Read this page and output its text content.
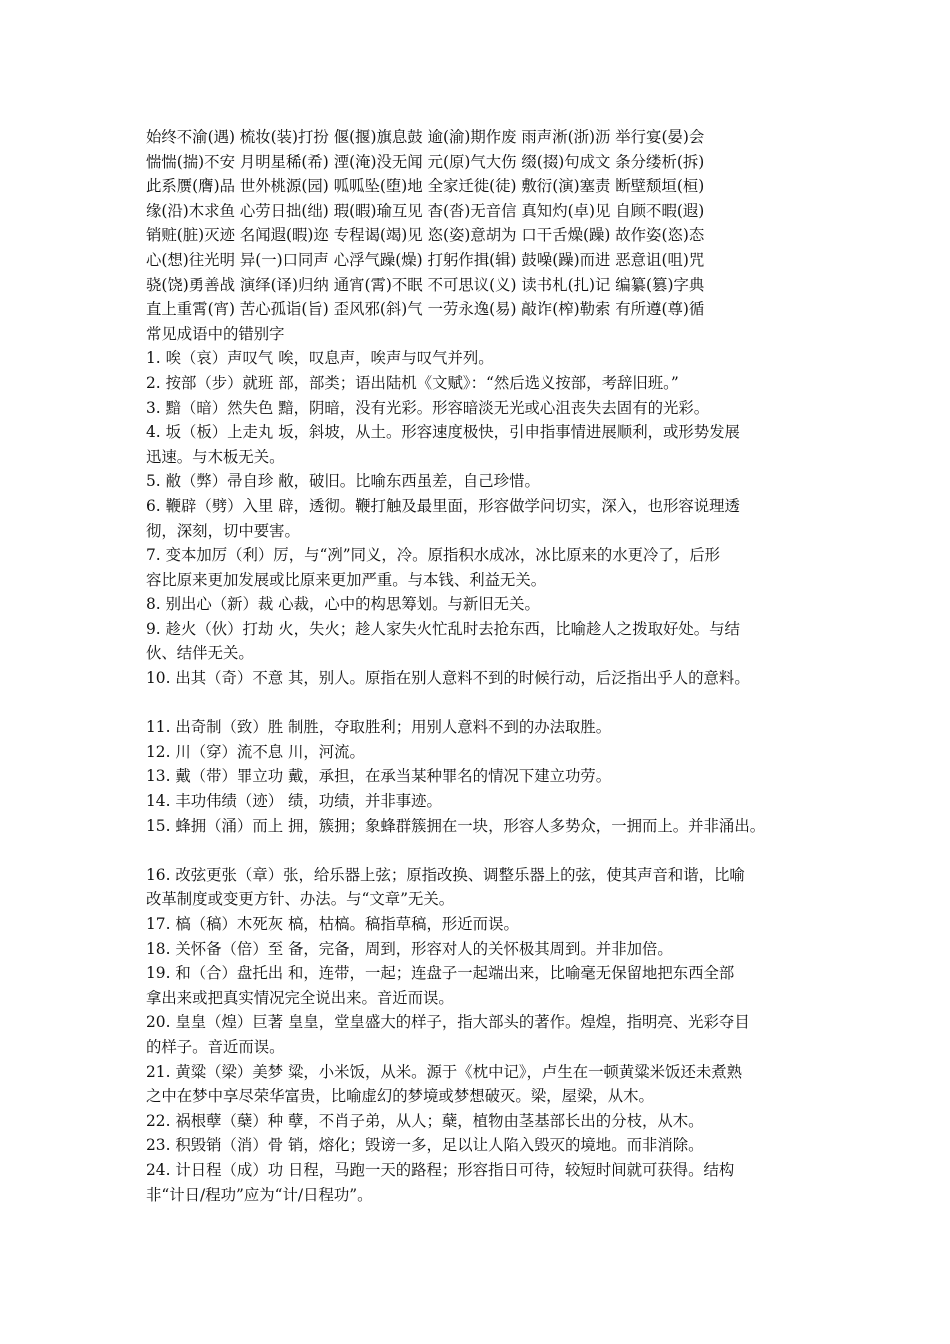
始终不渝(遇) 梳妆(装)打扮 偃(揠)旗息鼓 逾(渝)期作废 雨声淅(浙)沥 举行宴(晏)会
惴惴(揣)不安 月明星稀(希) 湮(淹)没无闻 元(原)气大伤 缀(掇)句成文 条分缕析(拆)
此系赝(膺)品 世外桃源(园) 呱呱坠(堕)地 全家迁徙(徒) 敷衍(演)塞责 断壁颓垣(桓)
缘(沿)木求鱼 心劳日拙(绌) 瑕(暇)瑜互见 杳(沓)无音信 真知灼(卓)见 自顾不暇(遐)
销赃(脏)灭迹 名闻遐(暇)迩 专程谒(竭)见 恣(姿)意胡为 口干舌燥(躁) 故作姿(恣)态
心(想)往光明 异(一)口同声 心浮气躁(燥) 打躬作揖(辑) 鼓噪(躁)而进 恶意诅(咀)咒
骁(饶)勇善战 演绎(译)归纳 通宵(霄)不眠 不可思议(义) 读书札(扎)记 编纂(篡)字典
直上重霄(宵) 苦心孤诣(旨) 歪风邪(斜)气 一劳永逸(易) 敲诈(榨)勒索 有所遵(尊)循
常见成语中的错别字
1. 唉（哀）声叹气 唉，叹息声，唉声与叹气并列。
2. 按部（步）就班 部，部类；语出陆机《文赋》：“然后选义按部，考辞旧班。”
3. 黯（暗）然失色 黯，阴暗，没有光彩。形容暗淡无光或心沮丧失去固有的光彩。
4. 坂（板）上走丸 坂，斜坡，从土。形容速度极快，引申指事情进展顺利，或形势发展
迅速。与木板无关。
5. 敝（弊）帚自珍 敝，破旧。比喻东西虽差，自己珍惜。
6. 鞭辟（劈）入里 辟，透彻。鞭打触及最里面，形容做学问切实，深入，也形容说理透
彻，深刻，切中要害。
7. 变本加厉（利）厉，与“冽”同义，冷。原指积水成冰，冰比原来的水更冷了，后形
容比原来更加发展或比原来更加严重。与本钱、利益无关。
8. 别出心（新）裁 心裁，心中的构思筹划。与新旧无关。
9. 趁火（伙）打劫 火，失火；趁人家失火忙乱时去抢东西，比喻趁人之拨取好处。与结
伙、结伴无关。
10. 出其（奇）不意 其，别人。原指在别人意料不到的时候行动，后泛指出乎人的意料。
11. 出奇制（致）胜 制胜，夺取胜利；用别人意料不到的办法取胜。
12. 川（穿）流不息 川，河流。
13. 戴（带）罪立功 戴，承担，在承当某种罪名的情况下建立功劳。
14. 丰功伟绩（迹） 绩，功绩，并非事迹。
15. 蜂拥（涌）而上 拥，簇拥；象蜂群簇拥在一块，形容人多势众，一拥而上。并非涌出。
16. 改弦更张（章）张，给乐器上弦；原指改换、调整乐器上的弦，使其声音和谐，比喻
改革制度或变更方针、办法。与“文章”无关。
17. 槁（稿）木死灰 槁，枯槁。稿指草稿，形近而误。
18. 关怀备（倍）至 备，完备，周到，形容对人的关怀极其周到。并非加倍。
19. 和（合）盘托出 和，连带，一起；连盘子一起端出来，比喻毫无保留地把东西全部
拿出来或把真实情况完全说出来。音近而误。
20. 皇皇（煌）巨著 皇皇，堂皇盛大的样子，指大部头的著作。煌煌，指明亮、光彩夺目
的样子。音近而误。
21. 黄粱（梁）美梦 粱，小米饭，从米。源于《枕中记》，卢生在一顿黄粱米饭还未煮熟
之中在梦中享尽荣华富贵，比喻虚幻的梦境或梦想破灭。梁，屋梁，从木。
22. 祸根孽（蘖）种 孽，不肖子弟，从人；蘖，植物由茎基部长出的分枝，从木。
23. 积毁销（消）骨 销，熔化；毁谤一多，足以让人陷入毁灭的境地。而非消除。
24. 计日程（成）功 日程，马跑一天的路程；形容指日可待，较短时间就可获得。结构
非“计日/程功”应为“计/日程功”。
